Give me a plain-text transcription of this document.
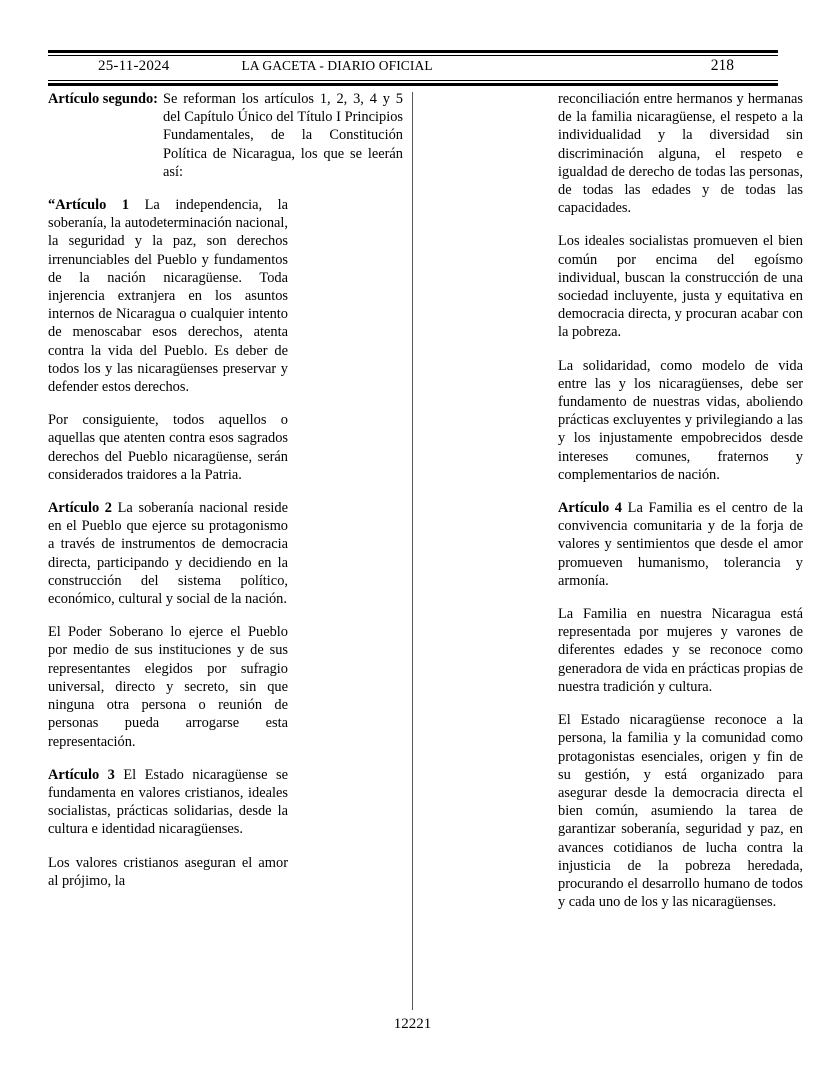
25-11-2024	LA GACETA - DIARIO OFICIAL	218
Artículo segundo: Se reforman los artículos 1, 2, 3, 4 y 5 del Capítulo Único del Título I Principios Fundamentales, de la Constitución Política de Nicaragua, los que se leerán así:

“Artículo 1 La independencia, la soberanía, la autodeterminación nacional, la seguridad y la paz, son derechos irrenunciables del Pueblo y fundamentos de la nación nicaragüense. Toda injerencia extranjera en los asuntos internos de Nicaragua o cualquier intento de menoscabar esos derechos, atenta contra la vida del Pueblo. Es deber de todos los y las nicaragüenses preservar y defender estos derechos.

Por consiguiente, todos aquellos o aquellas que atenten contra esos sagrados derechos del Pueblo nicaragüense, serán considerados traidores a la Patria.

Artículo 2 La soberanía nacional reside en el Pueblo que ejerce su protagonismo a través de instrumentos de democracia directa, participando y decidiendo en la construcción del sistema político, económico, cultural y social de la nación.

El Poder Soberano lo ejerce el Pueblo por medio de sus instituciones y de sus representantes elegidos por sufragio universal, directo y secreto, sin que ninguna otra persona o reunión de personas pueda arrogarse esta representación.

Artículo 3 El Estado nicaragüense se fundamenta en valores cristianos, ideales socialistas, prácticas solidarias, desde la cultura e identidad nicaragüenses.

Los valores cristianos aseguran el amor al prójimo, la

reconciliación entre hermanos y hermanas de la familia nicaragüense, el respeto a la individualidad y la diversidad sin discriminación alguna, el respeto e igualdad de derecho de todas las personas, de todas las edades y de todas las capacidades.

Los ideales socialistas promueven el bien común por encima del egoísmo individual, buscan la construcción de una sociedad incluyente, justa y equitativa en democracia directa, y procuran acabar con la pobreza.

La solidaridad, como modelo de vida entre las y los nicaragüenses, debe ser fundamento de nuestras vidas, aboliendo prácticas excluyentes y privilegiando a las y los injustamente empobrecidos desde intereses comunes, fraternos y complementarios de nación.

Artículo 4 La Familia es el centro de la convivencia comunitaria y de la forja de valores y sentimientos que desde el amor promueven humanismo, tolerancia y armonía.

La Familia en nuestra Nicaragua está representada por mujeres y varones de diferentes edades y se reconoce como generadora de vida en prácticas propias de nuestra tradición y cultura.

El Estado nicaragüense reconoce a la persona, la familia y la comunidad como protagonistas esenciales, origen y fin de su gestión, y está organizado para asegurar desde la democracia directa el bien común, asumiendo la tarea de garantizar soberanía, seguridad y paz, en avances cotidianos de lucha contra la injusticia de la pobreza heredada, procurando el desarrollo humano de todos y cada uno de los y las nicaragüenses.

12221
